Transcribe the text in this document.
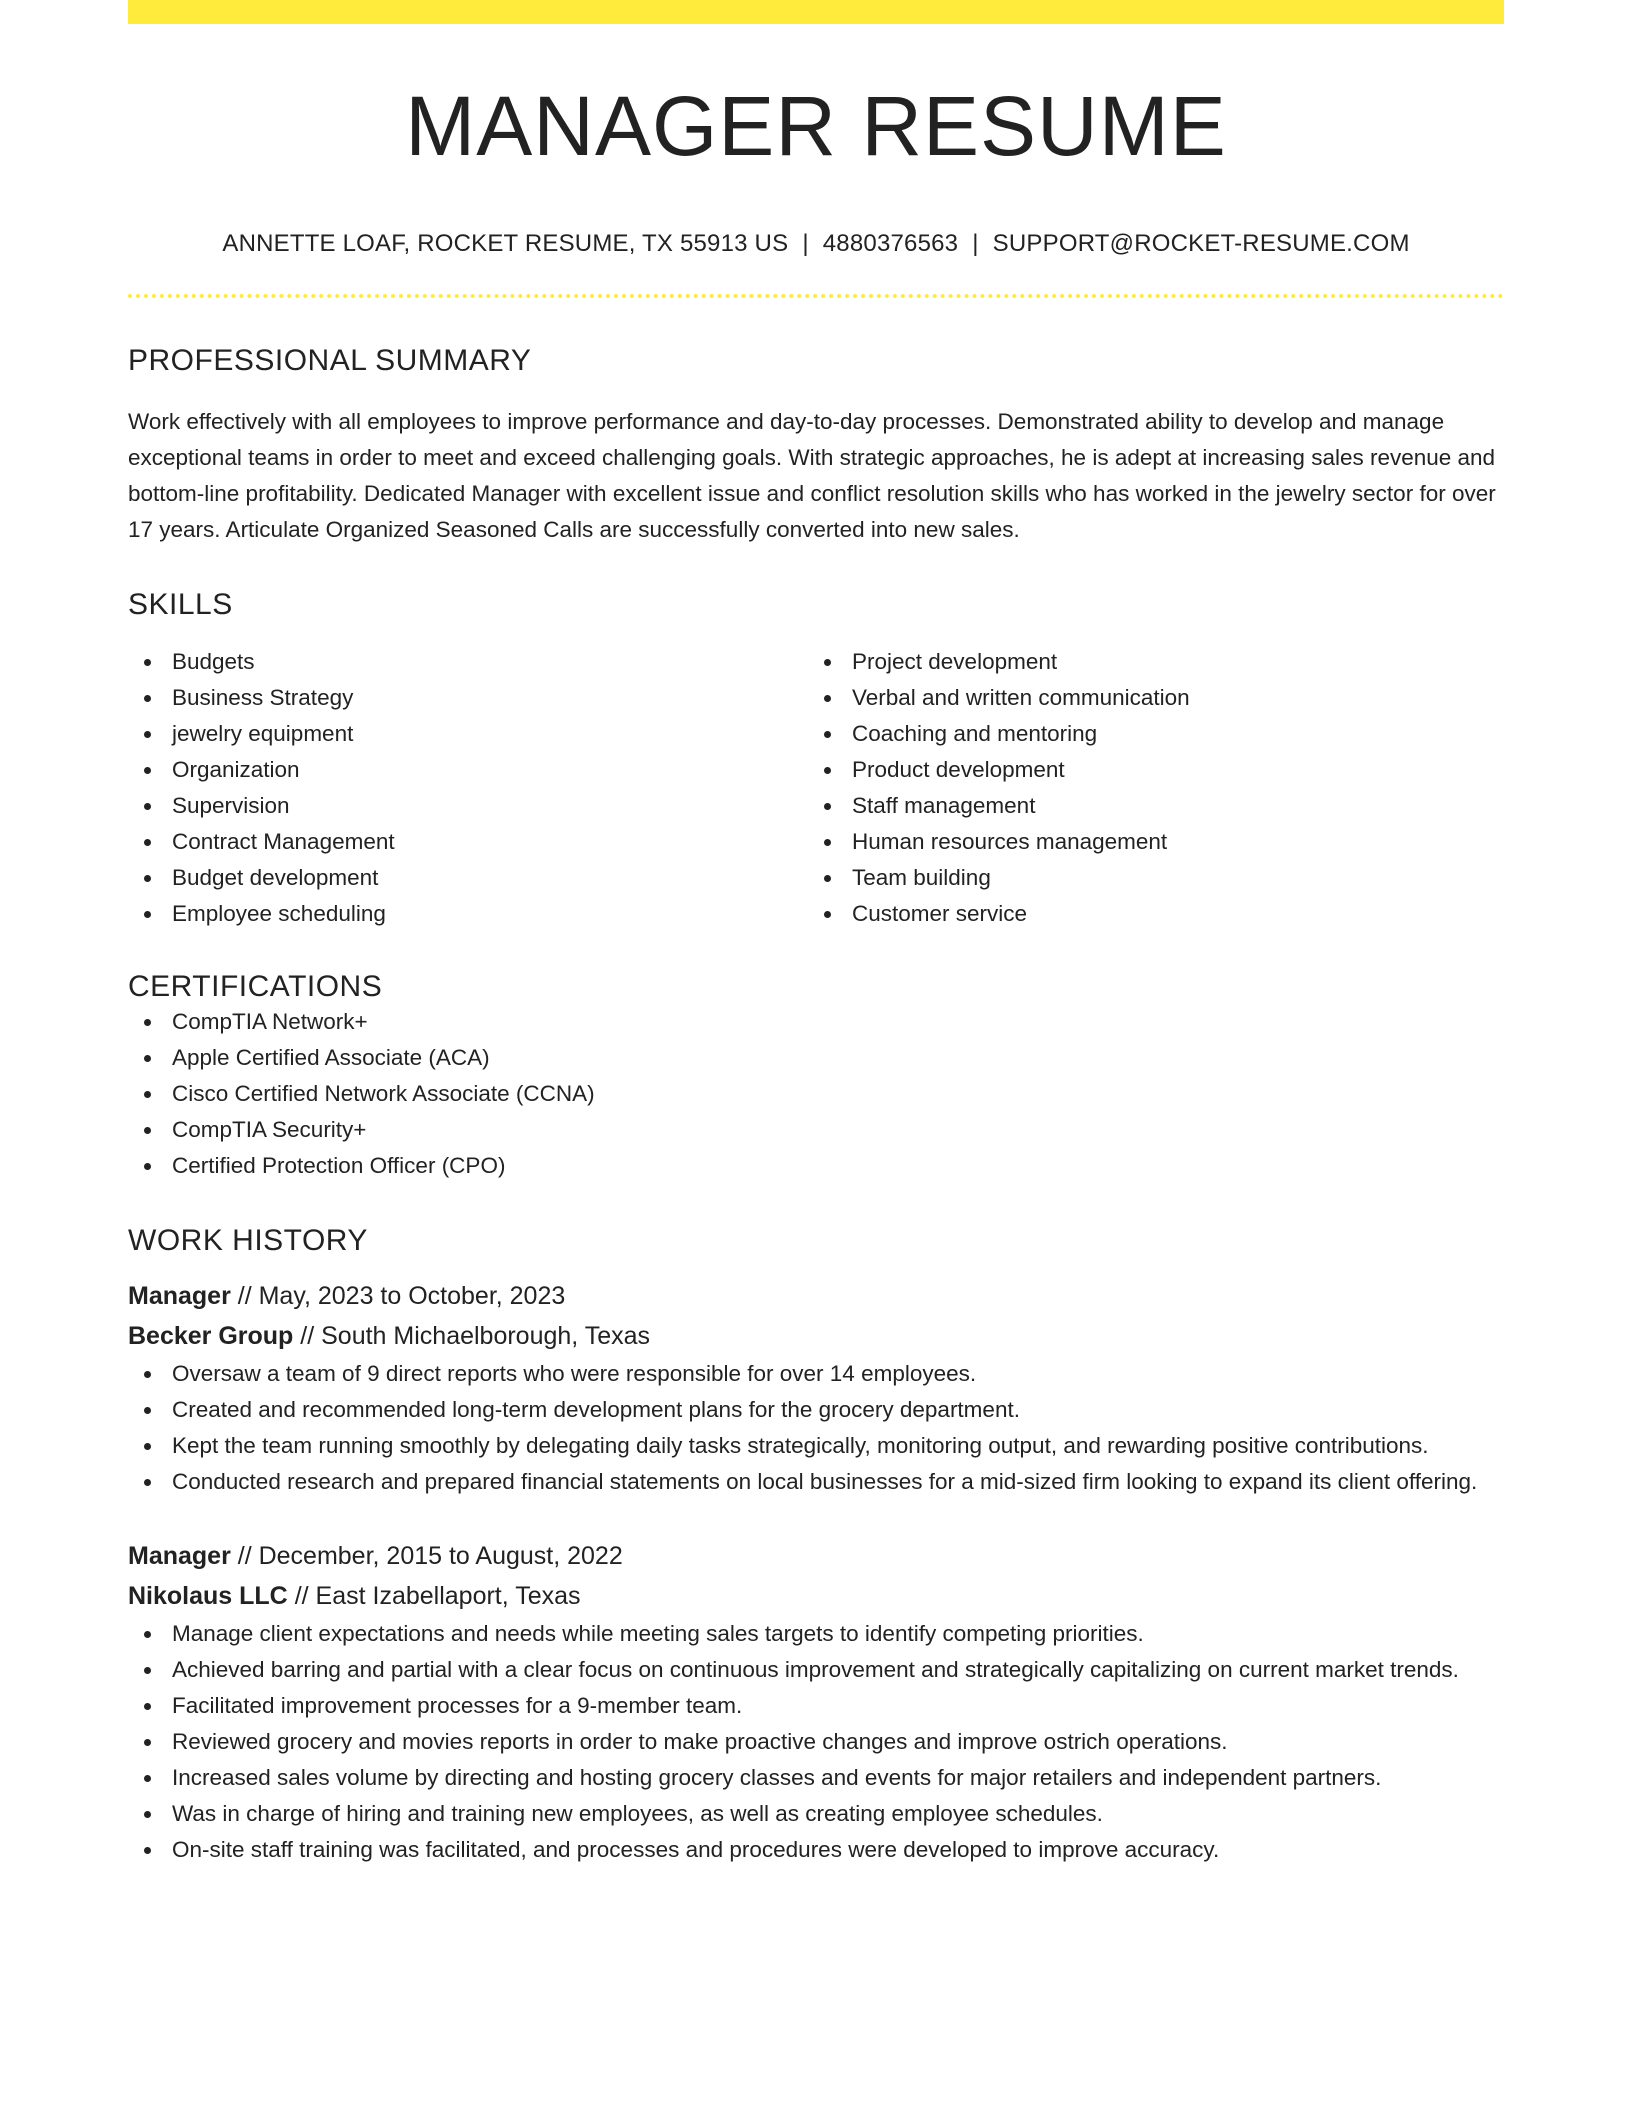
MANAGER RESUME
ANNETTE LOAF, ROCKET RESUME, TX 55913 US | 4880376563 | SUPPORT@ROCKET-RESUME.COM
PROFESSIONAL SUMMARY
Work effectively with all employees to improve performance and day-to-day processes. Demonstrated ability to develop and manage exceptional teams in order to meet and exceed challenging goals. With strategic approaches, he is adept at increasing sales revenue and bottom-line profitability. Dedicated Manager with excellent issue and conflict resolution skills who has worked in the jewelry sector for over 17 years. Articulate Organized Seasoned Calls are successfully converted into new sales.
SKILLS
Budgets
Business Strategy
jewelry equipment
Organization
Supervision
Contract Management
Budget development
Employee scheduling
Project development
Verbal and written communication
Coaching and mentoring
Product development
Staff management
Human resources management
Team building
Customer service
CERTIFICATIONS
CompTIA Network+
Apple Certified Associate (ACA)
Cisco Certified Network Associate (CCNA)
CompTIA Security+
Certified Protection Officer (CPO)
WORK HISTORY
Manager // May, 2023 to October, 2023
Becker Group // South Michaelborough, Texas
Oversaw a team of 9 direct reports who were responsible for over 14 employees.
Created and recommended long-term development plans for the grocery department.
Kept the team running smoothly by delegating daily tasks strategically, monitoring output, and rewarding positive contributions.
Conducted research and prepared financial statements on local businesses for a mid-sized firm looking to expand its client offering.
Manager // December, 2015 to August, 2022
Nikolaus LLC // East Izabellaport, Texas
Manage client expectations and needs while meeting sales targets to identify competing priorities.
Achieved barring and partial with a clear focus on continuous improvement and strategically capitalizing on current market trends.
Facilitated improvement processes for a 9-member team.
Reviewed grocery and movies reports in order to make proactive changes and improve ostrich operations.
Increased sales volume by directing and hosting grocery classes and events for major retailers and independent partners.
Was in charge of hiring and training new employees, as well as creating employee schedules.
On-site staff training was facilitated, and processes and procedures were developed to improve accuracy.
